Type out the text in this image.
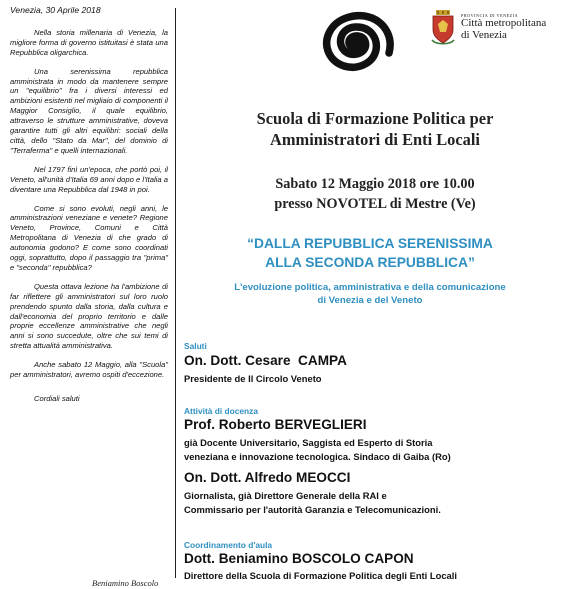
Venezia, 30 Aprile 2018

Nella storia millenaria di Venezia, la migliore forma di governo istituitasi è stata una Repubblica oligarchica.

Una serenissima repubblica amministrata in modo da mantenere sempre un "equilibrio" fra i diversi interessi ed ambizioni esistenti nel migliaio di componenti il Maggior Consiglio, il quale equilibrio, attraverso le strutture amministrative, doveva garantire tutti gli altri equilibri: sociali della città, dello "Stato da Mar", del dominio di "Terraferma" e quelli internazionali.

Nel 1797 finì un'epoca, che portò poi, il Veneto, all'unità d'Italia 69 anni dopo e l'Italia a diventare una Repubblica dal 1948 in poi.

Come si sono evoluti, negli anni, le amministrazioni veneziane e venete? Regione Veneto, Province, Comuni e Città Metropolitana di Venezia di che grado di autonomia godono? E come sono coordinati oggi, soprattutto, dopo il passaggio tra "prima" e "seconda" repubblica?

Questa ottava lezione ha l'ambizione di far riflettere gli amministratori sul loro ruolo prendendo spunto dalla storia, dalla cultura e dall'economia del proprio territorio e dalle proprie eccellenze amministrative che negli anni si sono succedute, oltre che sui temi di stretta attualità amministrativa.

Anche sabato 12 Maggio, alla "Scuola" per amministratori, avremo ospiti d'eccezione.

Cordiali saluti
Beniamino Boscolo
PROVINCIA DI VENEZIA
Città metropolitana
di Venezia
Scuola di Formazione Politica per
Amministratori di Enti Locali
Sabato 12 Maggio 2018 ore 10.00
presso NOVOTEL di Mestre (Ve)
“DALLA REPUBBLICA SERENISSIMA
ALLA SECONDA REPUBBLICA”
L'evoluzione politica, amministrativa e della comunicazione
di Venezia e del Veneto
Saluti
On. Dott. Cesare  CAMPA
Presidente de Il Circolo Veneto
Attività di docenza
Prof. Roberto BERVEGLIERI
già Docente Universitario, Saggista ed Esperto di Storia
veneziana e innovazione tecnologica. Sindaco di Gaiba (Ro)
On. Dott. Alfredo MEOCCI
Giornalista, già Direttore Generale della RAI e
Commissario per l'autorità Garanzia e Telecomunicazioni.
Coordinamento d'aula
Dott. Beniamino BOSCOLO CAPON
Direttore della Scuola di Formazione Politica degli Enti Locali
